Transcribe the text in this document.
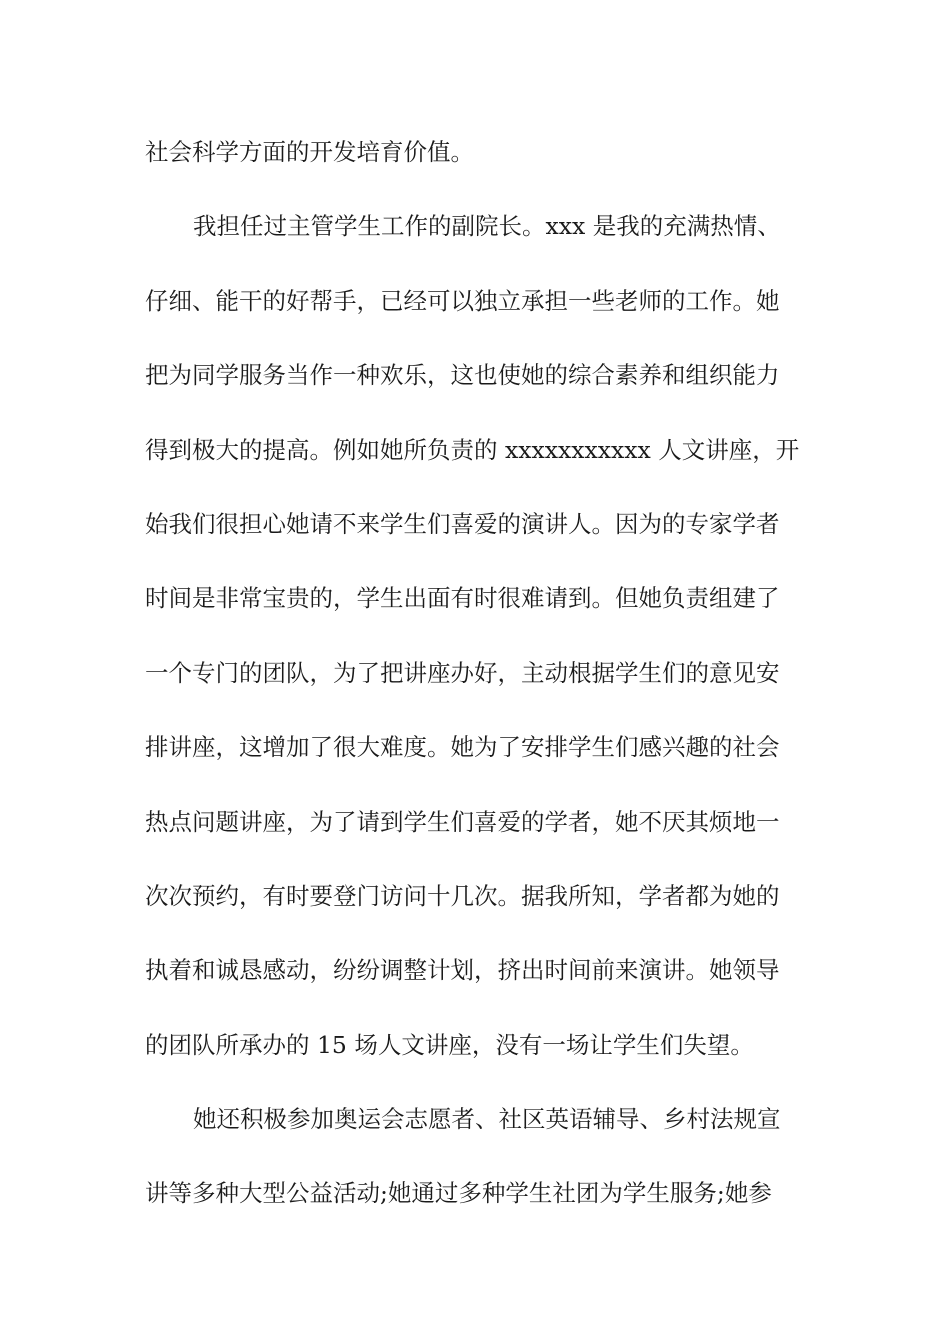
社会科学方面的开发培育价值。
我担任过主管学生工作的副院长。xxx 是我的充满热情、
仔细、能干的好帮手，已经可以独立承担一些老师的工作。她
把为同学服务当作一种欢乐，这也使她的综合素养和组织能力
得到极大的提高。例如她所负责的 xxxxxxxxxxx 人文讲座，开
始我们很担心她请不来学生们喜爱的演讲人。因为的专家学者
时间是非常宝贵的，学生出面有时很难请到。但她负责组建了
一个专门的团队，为了把讲座办好，主动根据学生们的意见安
排讲座，这增加了很大难度。她为了安排学生们感兴趣的社会
热点问题讲座，为了请到学生们喜爱的学者，她不厌其烦地一
次次预约，有时要登门访问十几次。据我所知，学者都为她的
执着和诚恳感动，纷纷调整计划，挤出时间前来演讲。她领导
的团队所承办的 15 场人文讲座，没有一场让学生们失望。
她还积极参加奥运会志愿者、社区英语辅导、乡村法规宣
讲等多种大型公益活动;她通过多种学生社团为学生服务;她参
